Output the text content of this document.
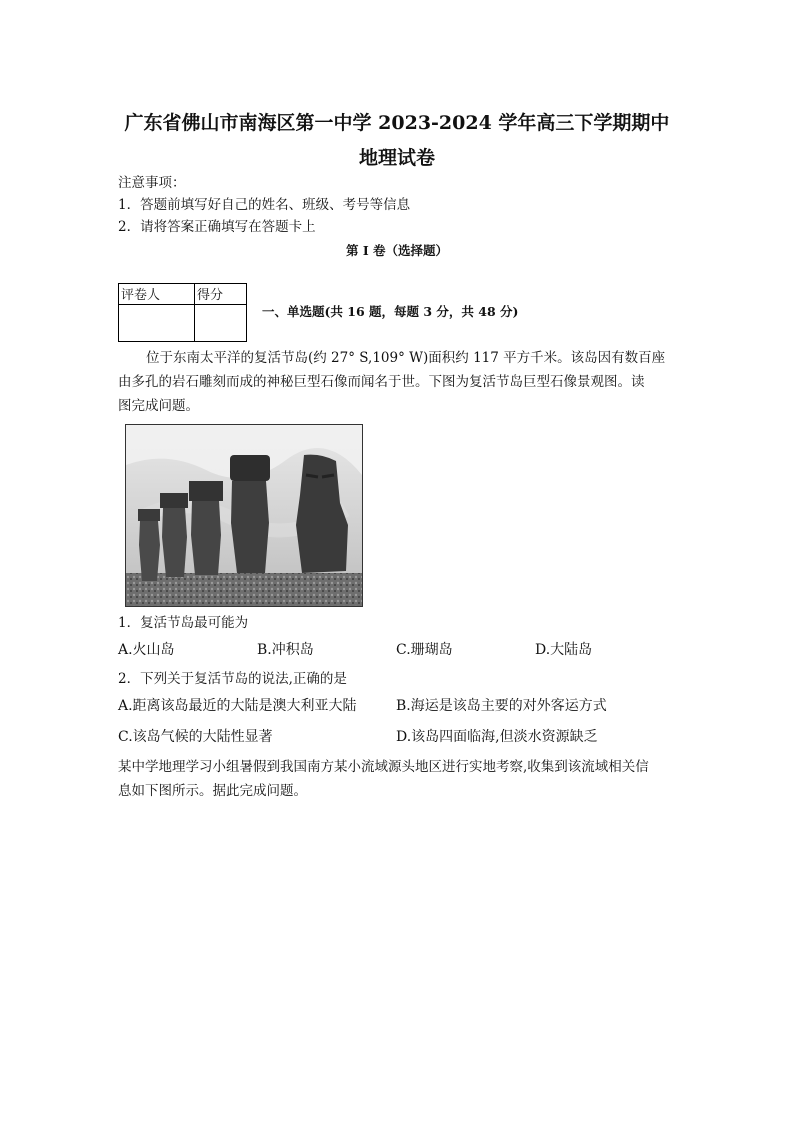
广东省佛山市南海区第一中学 2023-2024 学年高三下学期期中
地理试卷
注意事项：
1．答题前填写好自己的姓名、班级、考号等信息
2．请将答案正确填写在答题卡上
第 I 卷（选择题）
评卷人	得分

一、单选题(共 16 题，每题 3 分，共 48 分)
位于东南太平洋的复活节岛(约 27° S,109° W)面积约 117 平方千米。该岛因有数百座
由多孔的岩石雕刻而成的神秘巨型石像而闻名于世。下图为复活节岛巨型石像景观图。读
图完成问题。
1．复活节岛最可能为
A.火山岛	B.冲积岛	C.珊瑚岛	D.大陆岛
2．下列关于复活节岛的说法,正确的是
A.距离该岛最近的大陆是澳大利亚大陆	B.海运是该岛主要的对外客运方式
C.该岛气候的大陆性显著	D.该岛四面临海,但淡水资源缺乏
某中学地理学习小组暑假到我国南方某小流域源头地区进行实地考察,收集到该流域相关信
息如下图所示。据此完成问题。
